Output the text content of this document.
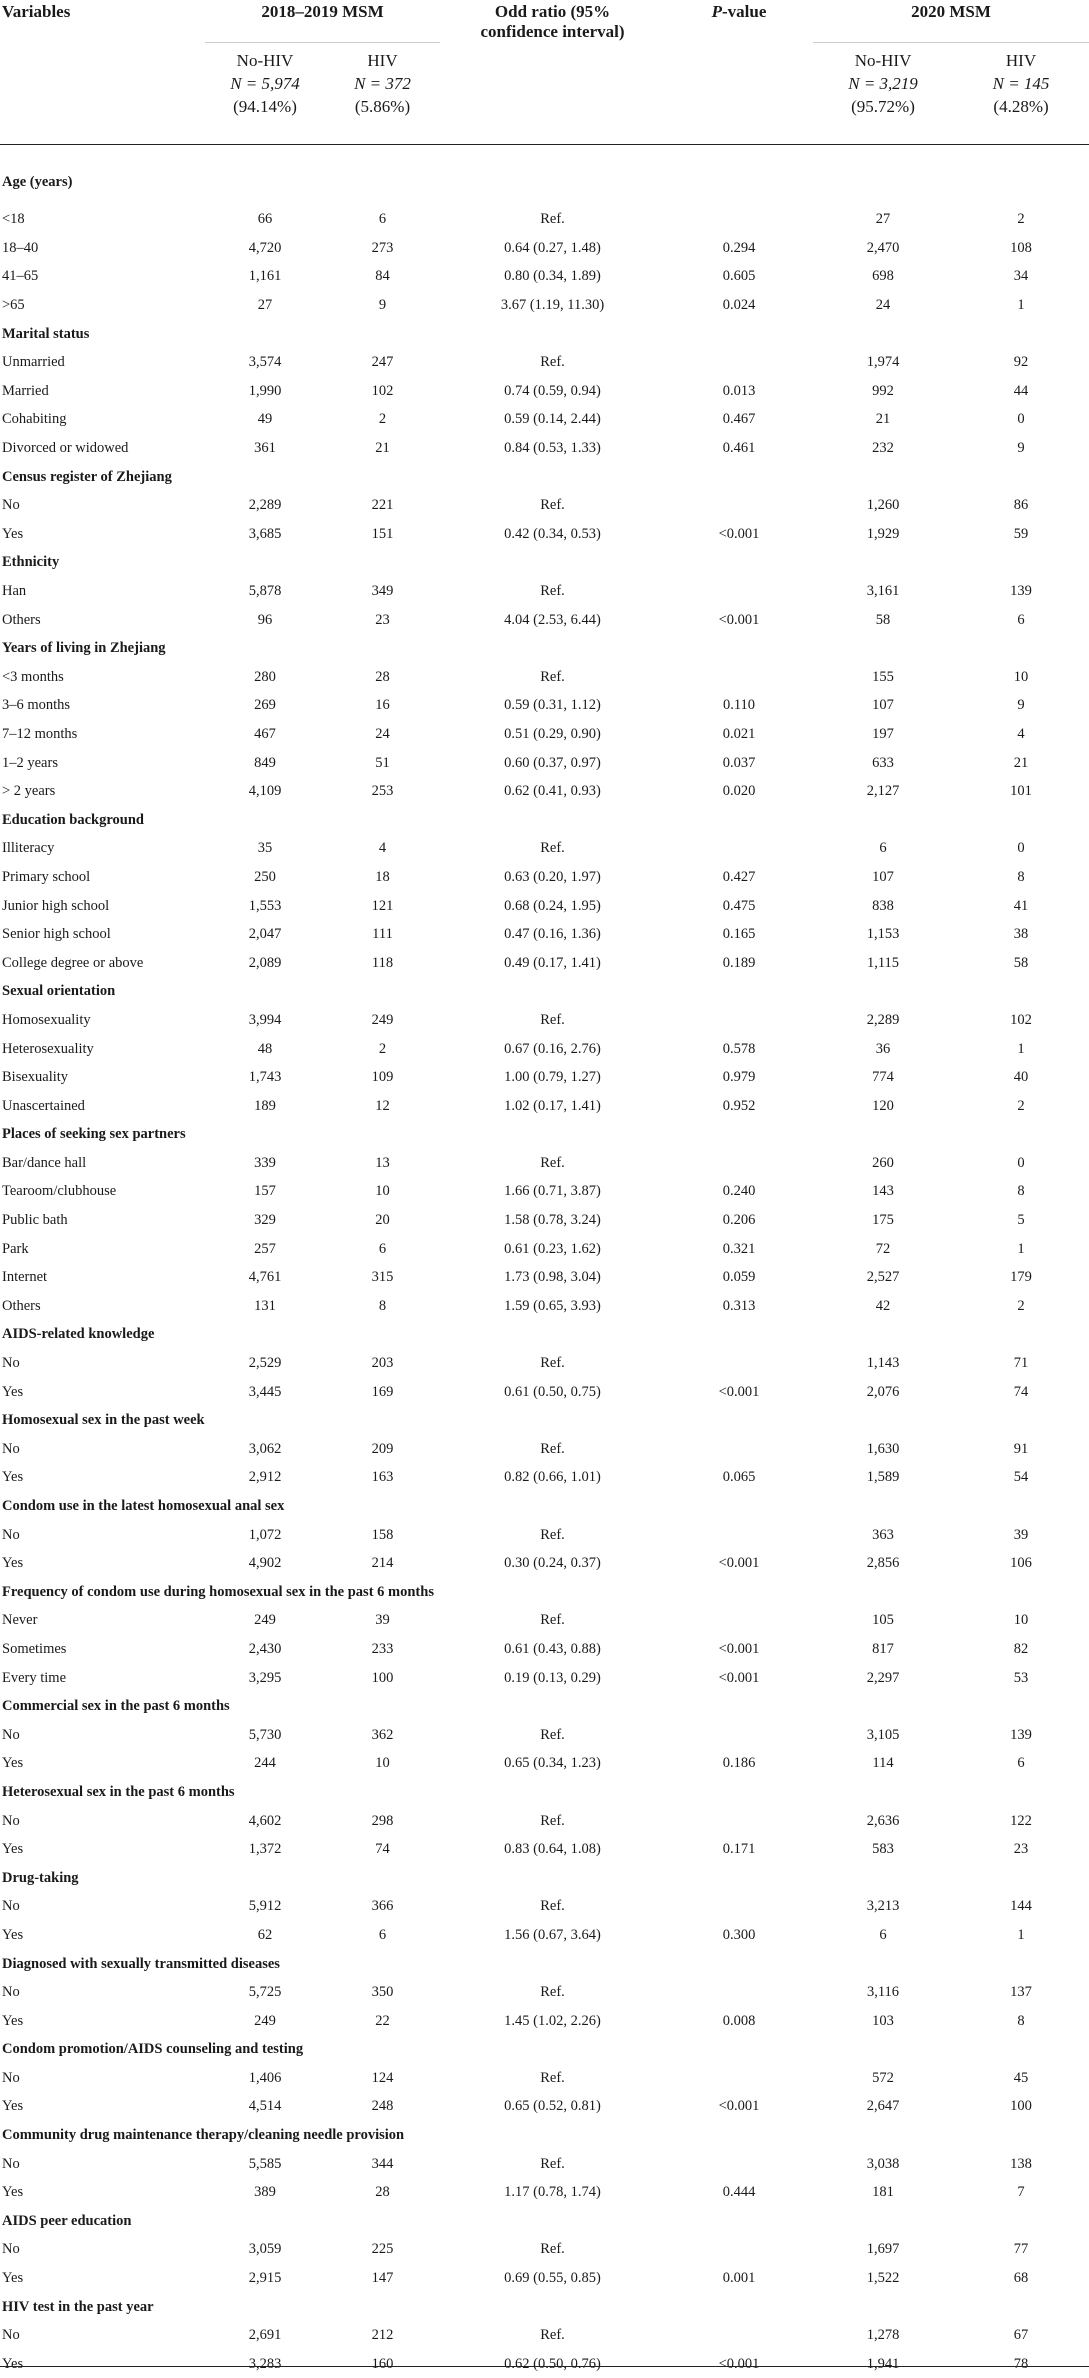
Variables	2018–2019 MSM		Odd ratio (95%
confidence interval)	P-value	2020 MSM	

	No-HIV
N = 5,974
(94.14%)	HIV
N = 372
(5.86%)			No-HIV
N = 3,219
(95.72%)	HIV
N = 145
(4.28%)

Age (years)						
<18	66	6	Ref.		27	2
18–40	4,720	273	0.64 (0.27, 1.48)	0.294	2,470	108
41–65	1,161	84	0.80 (0.34, 1.89)	0.605	698	34
>65	27	9	3.67 (1.19, 11.30)	0.024	24	1
Marital status						
Unmarried	3,574	247	Ref.		1,974	92
Married	1,990	102	0.74 (0.59, 0.94)	0.013	992	44
Cohabiting	49	2	0.59 (0.14, 2.44)	0.467	21	0
Divorced or widowed	361	21	0.84 (0.53, 1.33)	0.461	232	9
Census register of Zhejiang						
No	2,289	221	Ref.		1,260	86
Yes	3,685	151	0.42 (0.34, 0.53)	<0.001	1,929	59
Ethnicity						
Han	5,878	349	Ref.		3,161	139
Others	96	23	4.04 (2.53, 6.44)	<0.001	58	6
Years of living in Zhejiang						
<3 months	280	28	Ref.		155	10
3–6 months	269	16	0.59 (0.31, 1.12)	0.110	107	9
7–12 months	467	24	0.51 (0.29, 0.90)	0.021	197	4
1–2 years	849	51	0.60 (0.37, 0.97)	0.037	633	21
> 2 years	4,109	253	0.62 (0.41, 0.93)	0.020	2,127	101
Education background						
Illiteracy	35	4	Ref.		6	0
Primary school	250	18	0.63 (0.20, 1.97)	0.427	107	8
Junior high school	1,553	121	0.68 (0.24, 1.95)	0.475	838	41
Senior high school	2,047	111	0.47 (0.16, 1.36)	0.165	1,153	38
College degree or above	2,089	118	0.49 (0.17, 1.41)	0.189	1,115	58
Sexual orientation						
Homosexuality	3,994	249	Ref.		2,289	102
Heterosexuality	48	2	0.67 (0.16, 2.76)	0.578	36	1
Bisexuality	1,743	109	1.00 (0.79, 1.27)	0.979	774	40
Unascertained	189	12	1.02 (0.17, 1.41)	0.952	120	2
Places of seeking sex partners						
Bar/dance hall	339	13	Ref.		260	0
Tearoom/clubhouse	157	10	1.66 (0.71, 3.87)	0.240	143	8
Public bath	329	20	1.58 (0.78, 3.24)	0.206	175	5
Park	257	6	0.61 (0.23, 1.62)	0.321	72	1
Internet	4,761	315	1.73 (0.98, 3.04)	0.059	2,527	179
Others	131	8	1.59 (0.65, 3.93)	0.313	42	2
AIDS-related knowledge						
No	2,529	203	Ref.		1,143	71
Yes	3,445	169	0.61 (0.50, 0.75)	<0.001	2,076	74
Homosexual sex in the past week						
No	3,062	209	Ref.		1,630	91
Yes	2,912	163	0.82 (0.66, 1.01)	0.065	1,589	54
Condom use in the latest homosexual anal sex						
No	1,072	158	Ref.		363	39
Yes	4,902	214	0.30 (0.24, 0.37)	<0.001	2,856	106
Frequency of condom use during homosexual sex in the past 6 months						
Never	249	39	Ref.		105	10
Sometimes	2,430	233	0.61 (0.43, 0.88)	<0.001	817	82
Every time	3,295	100	0.19 (0.13, 0.29)	<0.001	2,297	53
Commercial sex in the past 6 months						
No	5,730	362	Ref.		3,105	139
Yes	244	10	0.65 (0.34, 1.23)	0.186	114	6
Heterosexual sex in the past 6 months						
No	4,602	298	Ref.		2,636	122
Yes	1,372	74	0.83 (0.64, 1.08)	0.171	583	23
Drug-taking						
No	5,912	366	Ref.		3,213	144
Yes	62	6	1.56 (0.67, 3.64)	0.300	6	1
Diagnosed with sexually transmitted diseases						
No	5,725	350	Ref.		3,116	137
Yes	249	22	1.45 (1.02, 2.26)	0.008	103	8
Condom promotion/AIDS counseling and testing						
No	1,406	124	Ref.		572	45
Yes	4,514	248	0.65 (0.52, 0.81)	<0.001	2,647	100
Community drug maintenance therapy/cleaning needle provision						
No	5,585	344	Ref.		3,038	138
Yes	389	28	1.17 (0.78, 1.74)	0.444	181	7
AIDS peer education						
No	3,059	225	Ref.		1,697	77
Yes	2,915	147	0.69 (0.55, 0.85)	0.001	1,522	68
HIV test in the past year						
No	2,691	212	Ref.		1,278	67
Yes	3,283	160	0.62 (0.50, 0.76)	<0.001	1,941	78
